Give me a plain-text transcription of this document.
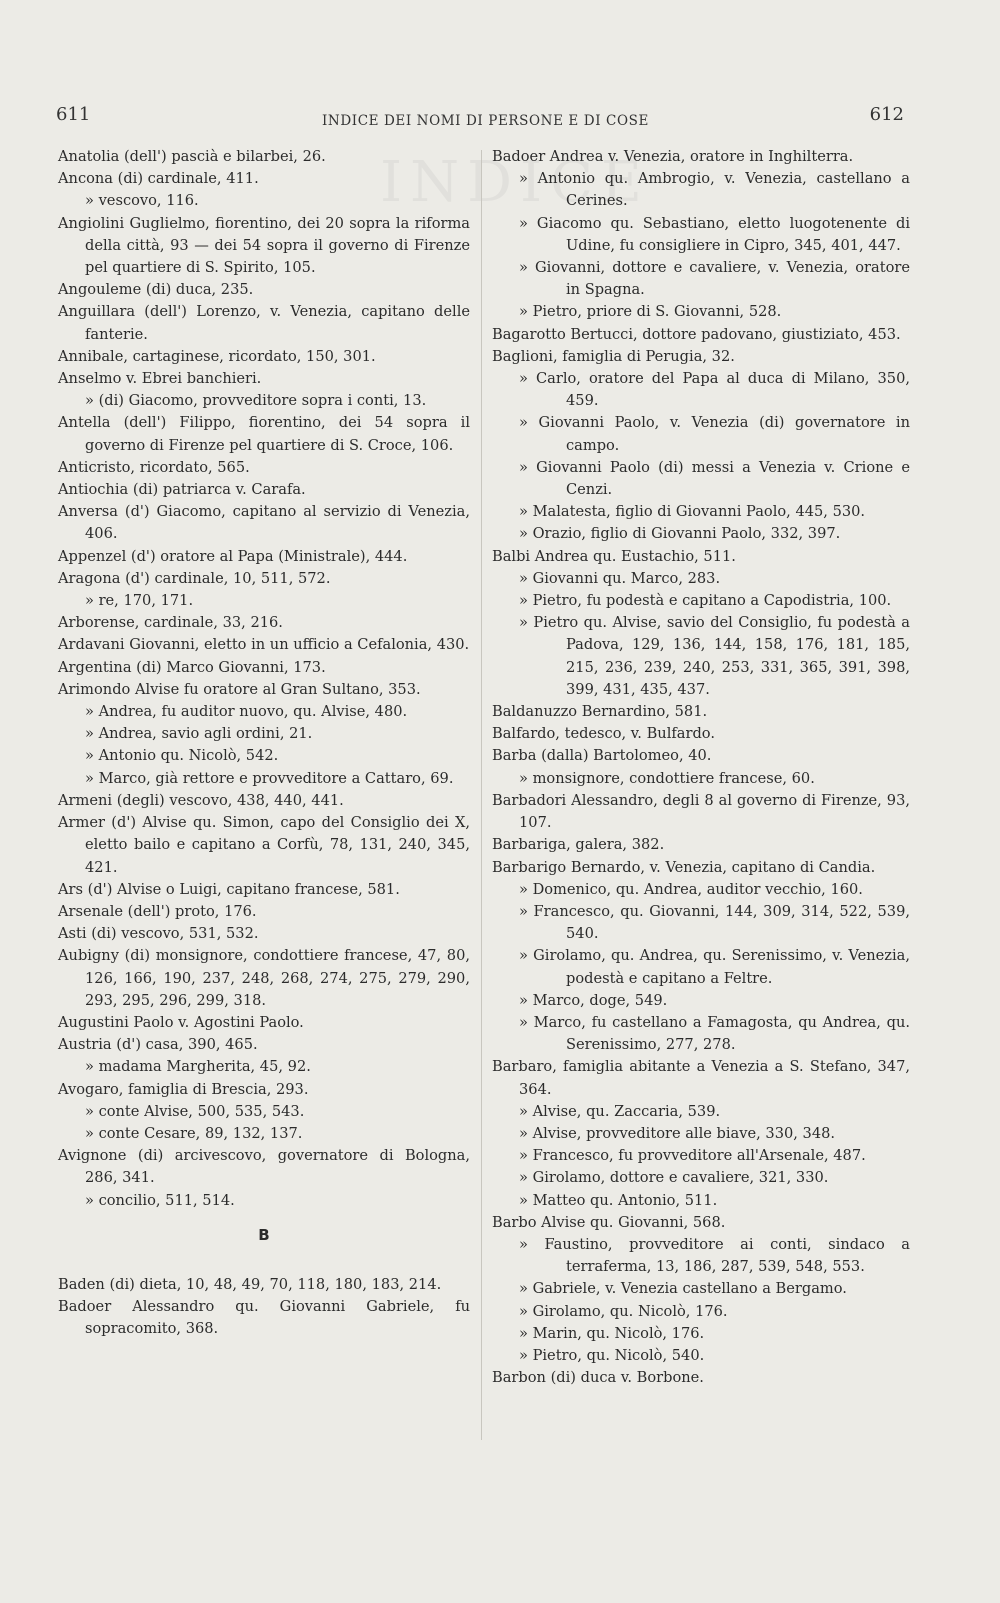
611	INDICE DEI NOMI DI PERSONE E DI COSE	612
Anatolia (dell') pascià e bilarbei, 26.
Ancona (di) cardinale, 411.
» vescovo, 116.
Angiolini Guglielmo, fiorentino, dei 20 sopra la riforma della città, 93 — dei 54 sopra il governo di Firenze pel quartiere di S. Spirito, 105.
Angouleme (di) duca, 235.
Anguillara (dell') Lorenzo, v. Venezia, capitano delle fanterie.
Annibale, cartaginese, ricordato, 150, 301.
Anselmo v. Ebrei banchieri.
» (di) Giacomo, provveditore sopra i conti, 13.
Antella (dell') Filippo, fiorentino, dei 54 sopra il governo di Firenze pel quartiere di S. Croce, 106.
Anticristo, ricordato, 565.
Antiochia (di) patriarca v. Carafa.
Anversa (d') Giacomo, capitano al servizio di Venezia, 406.
Appenzel (d') oratore al Papa (Ministrale), 444.
Aragona (d') cardinale, 10, 511, 572.
» re, 170, 171.
Arborense, cardinale, 33, 216.
Ardavani Giovanni, eletto in un ufficio a Cefalonia, 430.
Argentina (di) Marco Giovanni, 173.
Arimondo Alvise fu oratore al Gran Sultano, 353.
» Andrea, fu auditor nuovo, qu. Alvise, 480.
» Andrea, savio agli ordini, 21.
» Antonio qu. Nicolò, 542.
» Marco, già rettore e provveditore a Cattaro, 69.
Armeni (degli) vescovo, 438, 440, 441.
Armer (d') Alvise qu. Simon, capo del Consiglio dei X, eletto bailo e capitano a Corfù, 78, 131, 240, 345, 421.
Ars (d') Alvise o Luigi, capitano francese, 581.
Arsenale (dell') proto, 176.
Asti (di) vescovo, 531, 532.
Aubigny (di) monsignore, condottiere francese, 47, 80, 126, 166, 190, 237, 248, 268, 274, 275, 279, 290, 293, 295, 296, 299, 318.
Augustini Paolo v. Agostini Paolo.
Austria (d') casa, 390, 465.
» madama Margherita, 45, 92.
Avogaro, famiglia di Brescia, 293.
» conte Alvise, 500, 535, 543.
» conte Cesare, 89, 132, 137.
Avignone (di) arcivescovo, governatore di Bologna, 286, 341.
» concilio, 511, 514.
B
Baden (di) dieta, 10, 48, 49, 70, 118, 180, 183, 214.
Badoer Alessandro qu. Giovanni Gabriele, fu sopracomito, 368.
Badoer Andrea v. Venezia, oratore in Inghilterra.
» Antonio qu. Ambrogio, v. Venezia, castellano a Cerines.
» Giacomo qu. Sebastiano, eletto luogotenente di Udine, fu consigliere in Cipro, 345, 401, 447.
» Giovanni, dottore e cavaliere, v. Venezia, oratore in Spagna.
» Pietro, priore di S. Giovanni, 528.
Bagarotto Bertucci, dottore padovano, giustiziato, 453.
Baglioni, famiglia di Perugia, 32.
» Carlo, oratore del Papa al duca di Milano, 350, 459.
» Giovanni Paolo, v. Venezia (di) governatore in campo.
» Giovanni Paolo (di) messi a Venezia v. Crione e Cenzi.
» Malatesta, figlio di Giovanni Paolo, 445, 530.
» Orazio, figlio di Giovanni Paolo, 332, 397.
Balbi Andrea qu. Eustachio, 511.
» Giovanni qu. Marco, 283.
» Pietro, fu podestà e capitano a Capodistria, 100.
» Pietro qu. Alvise, savio del Consiglio, fu podestà a Padova, 129, 136, 144, 158, 176, 181, 185, 215, 236, 239, 240, 253, 331, 365, 391, 398, 399, 431, 435, 437.
Baldanuzzo Bernardino, 581.
Balfardo, tedesco, v. Bulfardo.
Barba (dalla) Bartolomeo, 40.
» monsignore, condottiere francese, 60.
Barbadori Alessandro, degli 8 al governo di Firenze, 93, 107.
Barbariga, galera, 382.
Barbarigo Bernardo, v. Venezia, capitano di Candia.
» Domenico, qu. Andrea, auditor vecchio, 160.
» Francesco, qu. Giovanni, 144, 309, 314, 522, 539, 540.
» Girolamo, qu. Andrea, qu. Serenissimo, v. Venezia, podestà e capitano a Feltre.
» Marco, doge, 549.
» Marco, fu castellano a Famagosta, qu Andrea, qu. Serenissimo, 277, 278.
Barbaro, famiglia abitante a Venezia a S. Stefano, 347, 364.
» Alvise, qu. Zaccaria, 539.
» Alvise, provveditore alle biave, 330, 348.
» Francesco, fu provveditore all'Arsenale, 487.
» Girolamo, dottore e cavaliere, 321, 330.
» Matteo qu. Antonio, 511.
Barbo Alvise qu. Giovanni, 568.
» Faustino, provveditore ai conti, sindaco a terraferma, 13, 186, 287, 539, 548, 553.
» Gabriele, v. Venezia castellano a Bergamo.
» Girolamo, qu. Nicolò, 176.
» Marin, qu. Nicolò, 176.
» Pietro, qu. Nicolò, 540.
Barbon (di) duca v. Borbone.
